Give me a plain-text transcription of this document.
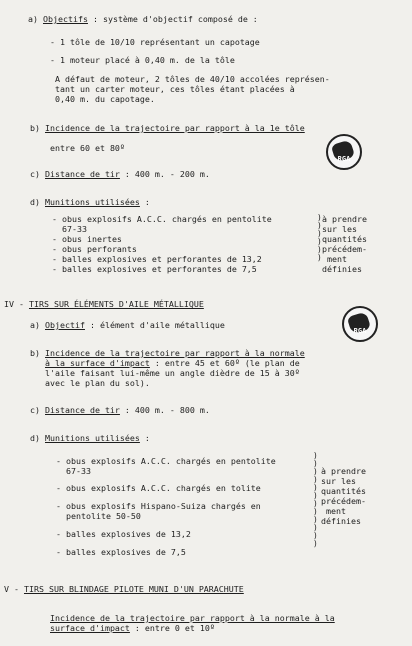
a) Objectifs : système d'objectif composé de :
- 1 tôle de 10/10 représentant un capotage
- 1 moteur placé à 0,40 m. de la tôle
A défaut de moteur, 2 tôles de 40/10 accolées représen-
tant un carter moteur, ces tôles étant placées à
0,40 m. du capotage.
b) Incidence de la trajectoire par rapport à la 1e tôle
entre 60 et 80º
RGA
c) Distance de tir : 400 m. - 200 m.
d) Munitions utilisées :
- obus explosifs A.C.C. chargés en pentolite
67-33
- obus inertes
- obus perforants
- balles explosives et perforantes de 13,2
- balles explosives et perforantes de 7,5
)
)
)
)
)
)
à prendre
sur les
quantités
précédem-
ment
définies
IV - TIRS SUR ÉLÉMENTS D'AILE MÉTALLIQUE
RGA
a) Objectif : élément d'aile métallique
b) Incidence de la trajectoire par rapport à la normale
à la surface d'impact : entre 45 et 60º (le plan de
l'aile faisant lui-même un angle dièdre de 15 à 30º
avec le plan du sol).
c) Distance de tir : 400 m. - 800 m.
d) Munitions utilisées :
- obus explosifs A.C.C. chargés en pentolite
67-33
- obus explosifs A.C.C. chargés en tolite
- obus explosifs Hispano-Suiza chargés en
pentolite 50-50
- balles explosives de 13,2
- balles explosives de 7,5
)
)
)
)
)
)
)
)
)
)
)
)
à prendre
sur les
quantités
précédem-
ment
définies
V - TIRS SUR BLINDAGE PILOTE MUNI D'UN PARACHUTE
Incidence de la trajectoire par rapport à la normale à la
surface d'impact : entre 0 et 10º
